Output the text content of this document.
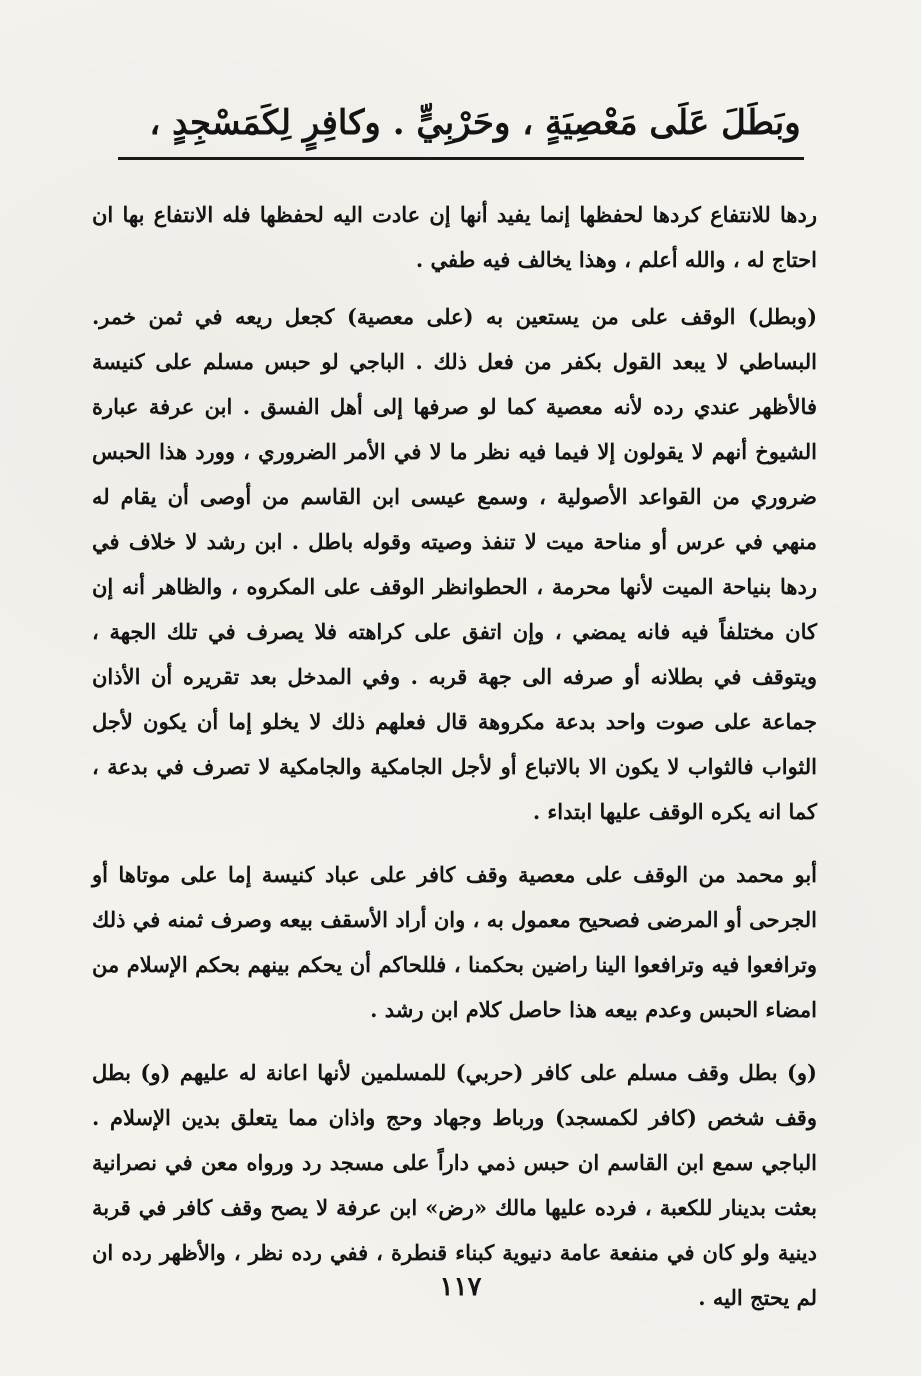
وبَطَلَ عَلَى مَعْصِيَةٍ ، وحَرْبِيٍّ . وكافِرٍ لِكَمَسْجِدٍ ،

ردها للانتفاع كردها لحفظها إنما يفيد أنها إن عادت اليه لحفظها فله الانتفاع بها ان احتاج له ، والله أعلم ، وهذا يخالف فيه طفي .

(وبطل) الوقف على من يستعين به (على معصية) كجعل ريعه في ثمن خمر. البساطي لا يبعد القول بكفر من فعل ذلك . الباجي لو حبس مسلم على كنيسة فالأظهر عندي رده لأنه معصية كما لو صرفها إلى أهل الفسق . ابن عرفة عبارة الشيوخ أنهم لا يقولون إلا فيما فيه نظر ما لا في الأمر الضروري ، وورد هذا الحبس ضروري من القواعد الأصولية ، وسمع عيسى ابن القاسم من أوصى أن يقام له منهي في عرس أو مناحة ميت لا تنفذ وصيته وقوله باطل . ابن رشد لا خلاف في ردها بنياحة الميت لأنها محرمة ، الحطوانظر الوقف على المكروه ، والظاهر أنه إن كان مختلفاً فيه فانه يمضي ، وإن اتفق على كراهته فلا يصرف في تلك الجهة ، ويتوقف في بطلانه أو صرفه الى جهة قربه . وفي المدخل بعد تقريره أن الأذان جماعة على صوت واحد بدعة مكروهة قال فعلهم ذلك لا يخلو إما أن يكون لأجل الثواب فالثواب لا يكون الا بالاتباع أو لأجل الجامكية والجامكية لا تصرف في بدعة ، كما انه يكره الوقف عليها ابتداء .

أبو محمد من الوقف على معصية وقف كافر على عباد كنيسة إما على موتاها أو الجرحى أو المرضى فصحيح معمول به ، وان أراد الأسقف بيعه وصرف ثمنه في ذلك وترافعوا فيه وترافعوا الينا راضين بحكمنا ، فللحاكم أن يحكم بينهم بحكم الإسلام من امضاء الحبس وعدم بيعه هذا حاصل كلام ابن رشد .

(و) بطل وقف مسلم على كافر (حربي) للمسلمين لأنها اعانة له عليهم (و) بطل وقف شخص (كافر لكمسجد) ورباط وجهاد وحج واذان مما يتعلق بدين الإسلام . الباجي سمع ابن القاسم ان حبس ذمي داراً على مسجد رد ورواه معن في نصرانية بعثت بدينار للكعبة ، فرده عليها مالك «رض» ابن عرفة لا يصح وقف كافر في قربة دينية ولو كان في منفعة عامة دنيوية كبناء قنطرة ، ففي رده نظر ، والأظهر رده ان لم يحتج اليه .

١١٧
